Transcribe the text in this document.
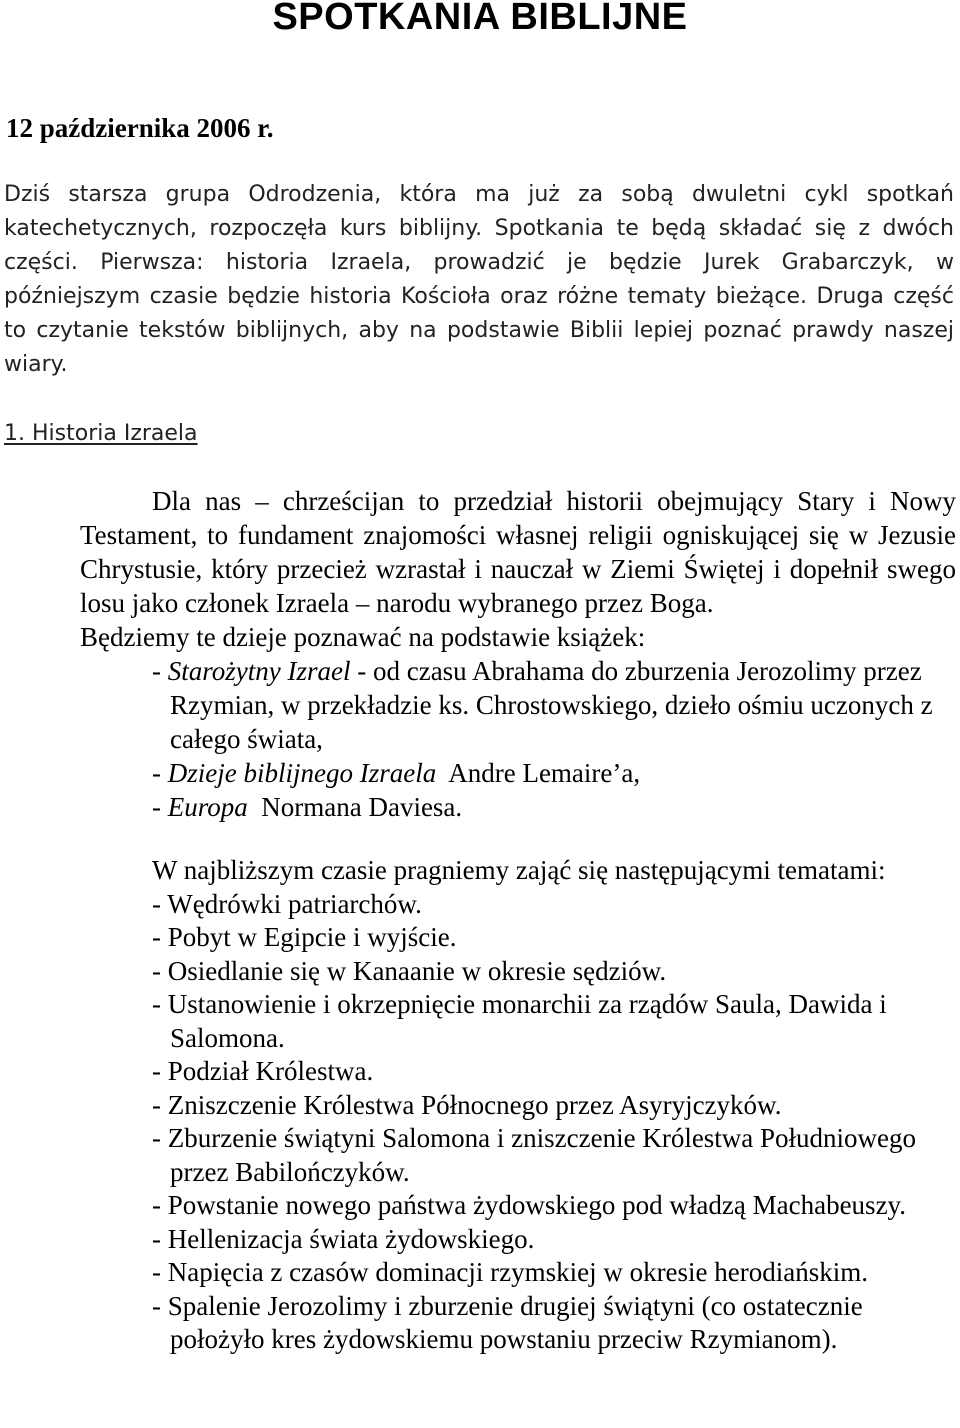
SPOTKANIA BIBLIJNE
12 października 2006 r.

Dziś starsza grupa Odrodzenia, która ma już za sobą dwuletni cykl spotkań katechetycznych, rozpoczęła kurs biblijny. Spotkania te będą składać się z dwóch części. Pierwsza: historia Izraela, prowadzić je będzie Jurek Grabarczyk, w późniejszym czasie będzie historia Kościoła oraz różne tematy bieżące. Druga część to czytanie tekstów biblijnych, aby na podstawie Biblii lepiej poznać prawdy naszej wiary.

1. Historia Izraela

Dla nas – chrześcijan to przedział historii obejmujący Stary i Nowy Testament, to fundament znajomości własnej religii ogniskującej się w Jezusie Chrystusie, który przecież wzrastał i nauczał w Ziemi Świętej i dopełnił swego losu jako członek Izraela – narodu wybranego przez Boga.

Będziemy te dzieje poznawać na podstawie książek:

- Starożytny Izrael - od czasu Abrahama do zburzenia Jerozolimy przez Rzymian, w przekładzie ks. Chrostowskiego, dzieło ośmiu uczonych z całego świata,
- Dzieje biblijnego Izraela  Andre Lemaire’a,
- Europa  Normana Daviesa.

W najbliższym czasie pragniemy zająć się następującymi tematami:

- Wędrówki patriarchów.
- Pobyt w Egipcie i wyjście.
- Osiedlanie się w Kanaanie w okresie sędziów.
- Ustanowienie i okrzepnięcie monarchii za rządów Saula, Dawida i Salomona.
- Podział Królestwa.
- Zniszczenie Królestwa Północnego przez Asyryjczyków.
- Zburzenie świątyni Salomona i zniszczenie Królestwa Południowego przez Babilończyków.
- Powstanie nowego państwa żydowskiego pod władzą Machabeuszy.
- Hellenizacja świata żydowskiego.
- Napięcia z czasów dominacji rzymskiej w okresie herodiańskim.
- Spalenie Jerozolimy i zburzenie drugiej świątyni (co ostatecznie położyło kres żydowskiemu powstaniu przeciw Rzymianom).
